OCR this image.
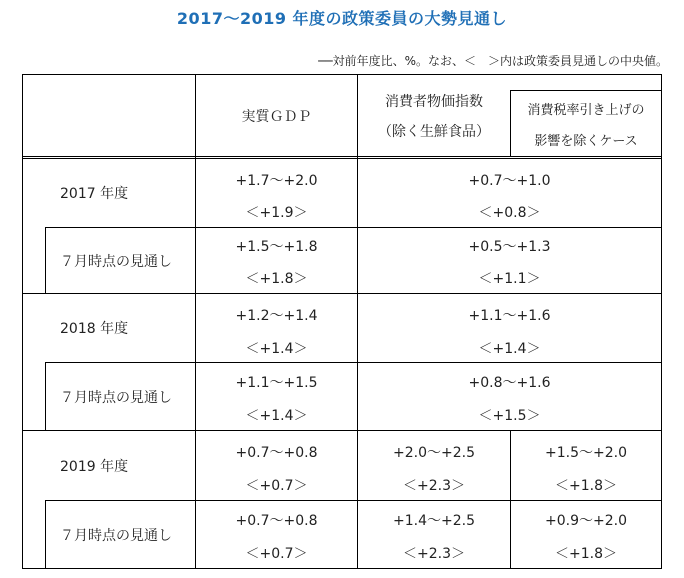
2017～2019 年度の政策委員の大勢見通し
──対前年度比、%。なお、＜　＞内は政策委員見通しの中央値。
実質ＧＤＰ
消費者物価指数
（除く生鮮食品）
消費税率引き上げの
影響を除くケース
2017 年度
+1.7～+2.0
＜+1.9＞
+0.7～+1.0
＜+0.8＞
７月時点の見通し
+1.5～+1.8
＜+1.8＞
+0.5～+1.3
＜+1.1＞
2018 年度
+1.2～+1.4
＜+1.4＞
+1.1～+1.6
＜+1.4＞
７月時点の見通し
+1.1～+1.5
＜+1.4＞
+0.8～+1.6
＜+1.5＞
2019 年度
+0.7～+0.8
＜+0.7＞
+2.0～+2.5
＜+2.3＞
+1.5～+2.0
＜+1.8＞
７月時点の見通し
+0.7～+0.8
＜+0.7＞
+1.4～+2.5
＜+2.3＞
+0.9～+2.0
＜+1.8＞
